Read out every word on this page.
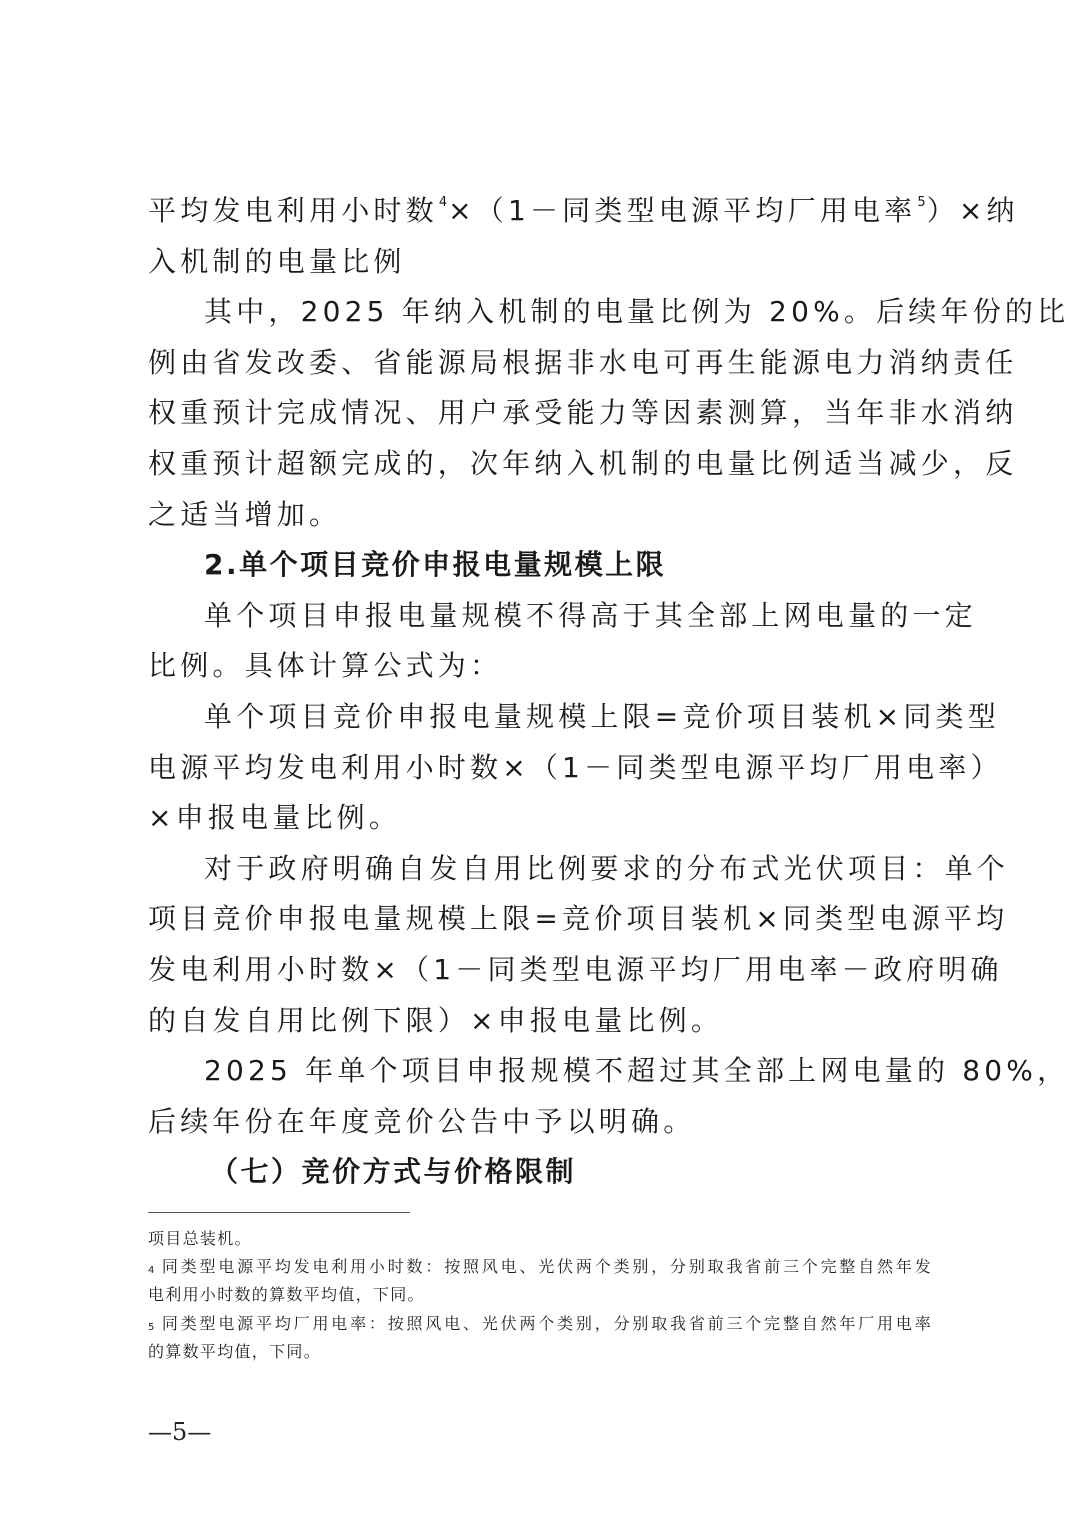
平均发电利用小时数$^4$×（1－同类型电源平均厂用电率$^5$）×纳
入机制的电量比例
其中，2025 年纳入机制的电量比例为 20%。后续年份的比
例由省发改委、省能源局根据非水电可再生能源电力消纳责任
权重预计完成情况、用户承受能力等因素测算，当年非水消纳
权重预计超额完成的，次年纳入机制的电量比例适当减少，反
之适当增加。
2.单个项目竞价申报电量规模上限
单个项目申报电量规模不得高于其全部上网电量的一定
比例。具体计算公式为：
单个项目竞价申报电量规模上限=竞价项目装机×同类型
电源平均发电利用小时数×（1－同类型电源平均厂用电率）
×申报电量比例。
对于政府明确自发自用比例要求的分布式光伏项目：单个
项目竞价申报电量规模上限=竞价项目装机×同类型电源平均
发电利用小时数×（1－同类型电源平均厂用电率－政府明确
的自发自用比例下限）×申报电量比例。
2025 年单个项目申报规模不超过其全部上网电量的 80%，
后续年份在年度竞价公告中予以明确。
（七）竞价方式与价格限制
项目总装机。
$^4$ 同类型电源平均发电利用小时数：按照风电、光伏两个类别，分别取我省前三个完整自然年发
电利用小时数的算数平均值，下同。
$^5$ 同类型电源平均厂用电率：按照风电、光伏两个类别，分别取我省前三个完整自然年厂用电率
的算数平均值，下同。
—5—
